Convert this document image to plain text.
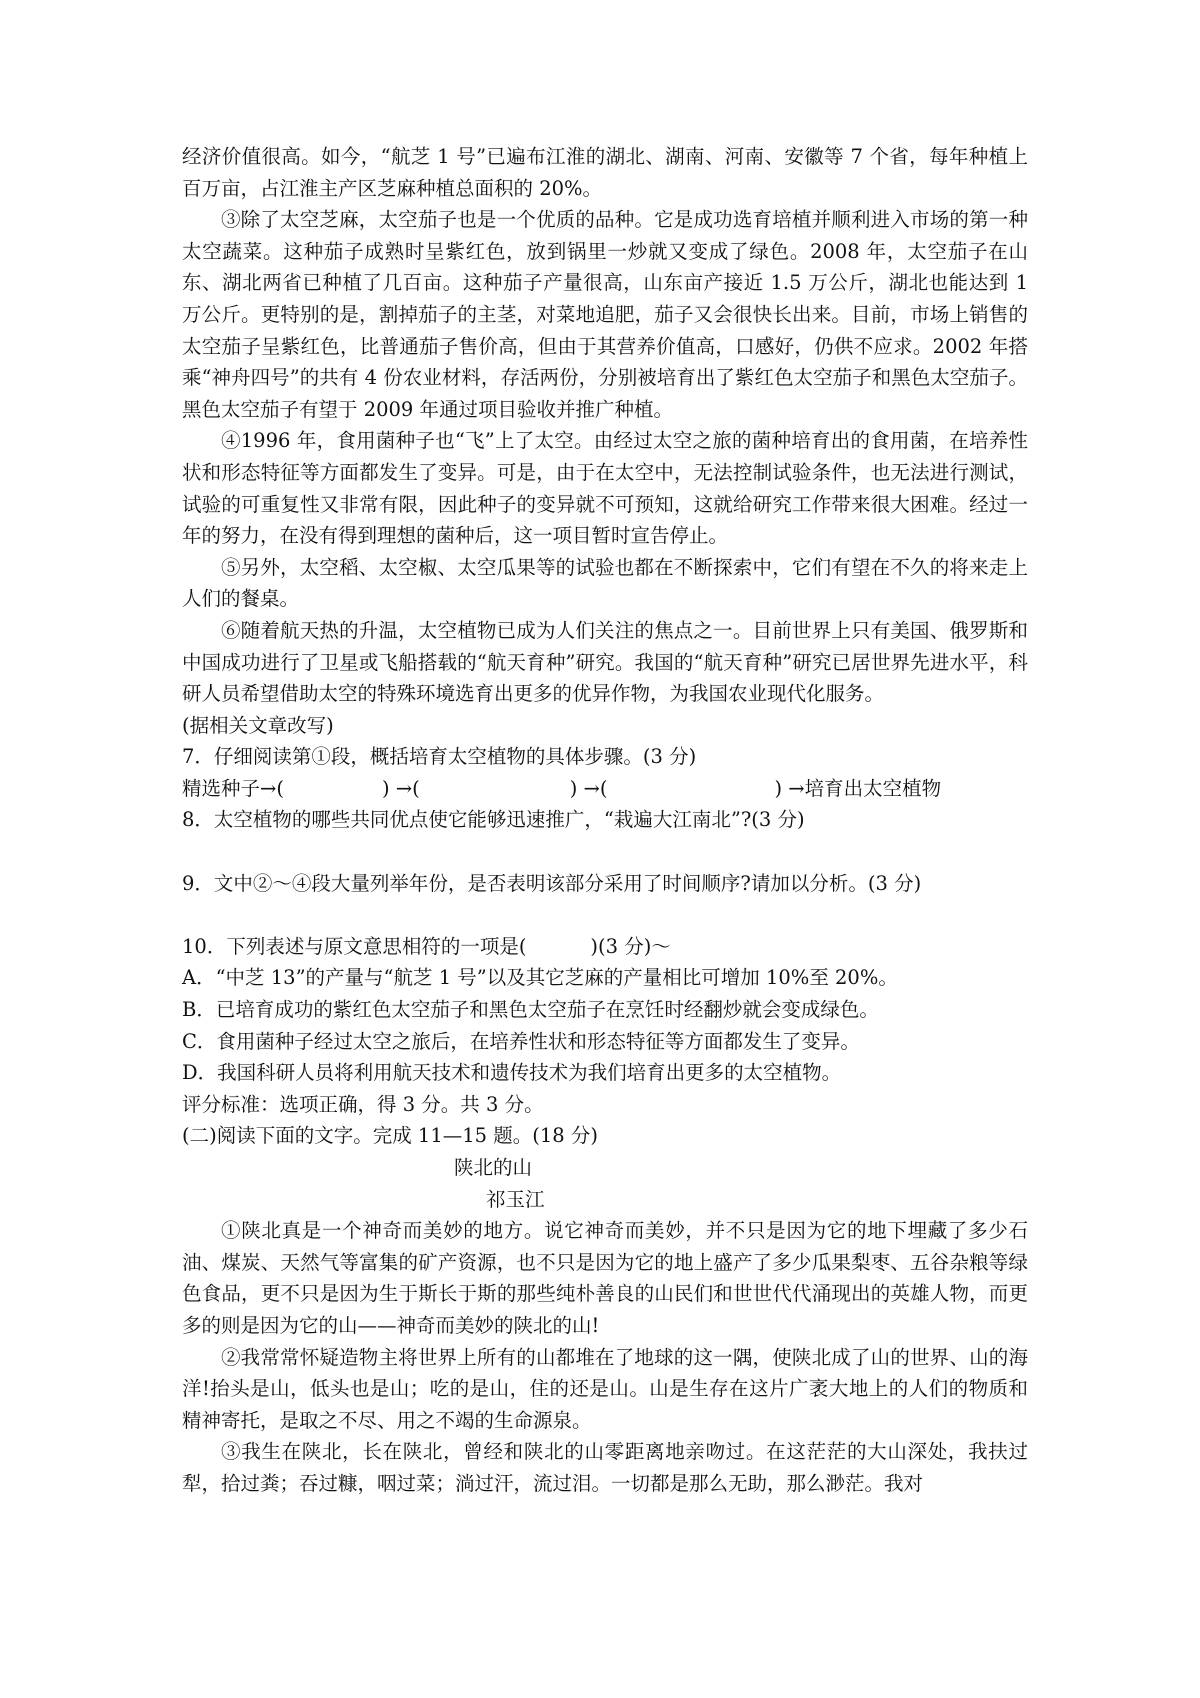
经济价值很高。如今，“航芝 1 号”已遍布江淮的湖北、湖南、河南、安徽等 7 个省，每年种植上百万亩，占江淮主产区芝麻种植总面积的 20%。

③除了太空芝麻，太空茄子也是一个优质的品种。它是成功选育培植并顺利进入市场的第一种太空蔬菜。这种茄子成熟时呈紫红色，放到锅里一炒就又变成了绿色。2008 年，太空茄子在山东、湖北两省已种植了几百亩。这种茄子产量很高，山东亩产接近 1.5 万公斤，湖北也能达到 1 万公斤。更特别的是，割掉茄子的主茎，对菜地追肥，茄子又会很快长出来。目前，市场上销售的太空茄子呈紫红色，比普通茄子售价高，但由于其营养价值高，口感好，仍供不应求。2002 年搭乘“神舟四号”的共有 4 份农业材料，存活两份，分别被培育出了紫红色太空茄子和黑色太空茄子。黑色太空茄子有望于 2009 年通过项目验收并推广种植。

④1996 年，食用菌种子也“飞”上了太空。由经过太空之旅的菌种培育出的食用菌，在培养性状和形态特征等方面都发生了变异。可是，由于在太空中，无法控制试验条件，也无法进行测试，试验的可重复性又非常有限，因此种子的变异就不可预知，这就给研究工作带来很大困难。经过一年的努力，在没有得到理想的菌种后，这一项目暂时宣告停止。

⑤另外，太空稻、太空椒、太空瓜果等的试验也都在不断探索中，它们有望在不久的将来走上人们的餐桌。

⑥随着航天热的升温，太空植物已成为人们关注的焦点之一。目前世界上只有美国、俄罗斯和中国成功进行了卫星或飞船搭载的“航天育种”研究。我国的“航天育种”研究已居世界先进水平，科研人员希望借助太空的特殊环境选育出更多的优异作物，为我国农业现代化服务。

(据相关文章改写)

7．仔细阅读第①段，概括培育太空植物的具体步骤。(3 分)

精选种子→(	) →(	) →(	) →培育出太空植物

8．太空植物的哪些共同优点使它能够迅速推广，“栽遍大江南北”?(3 分)

9．文中②～④段大量列举年份，是否表明该部分采用了时间顺序?请加以分析。(3 分)

10．下列表述与原文意思相符的一项是(	)(3 分)～

A．“中芝 13”的产量与“航芝 1 号”以及其它芝麻的产量相比可增加 10%至 20%。

B．已培育成功的紫红色太空茄子和黑色太空茄子在烹饪时经翻炒就会变成绿色。

C．食用菌种子经过太空之旅后，在培养性状和形态特征等方面都发生了变异。

D．我国科研人员将利用航天技术和遗传技术为我们培育出更多的太空植物。

评分标准：选项正确，得 3 分。共 3 分。

(二)阅读下面的文字。完成 11—15 题。(18 分)

陕北的山

祁玉江

①陕北真是一个神奇而美妙的地方。说它神奇而美妙，并不只是因为它的地下埋藏了多少石油、煤炭、天然气等富集的矿产资源，也不只是因为它的地上盛产了多少瓜果梨枣、五谷杂粮等绿色食品，更不只是因为生于斯长于斯的那些纯朴善良的山民们和世世代代涌现出的英雄人物，而更多的则是因为它的山——神奇而美妙的陕北的山!

②我常常怀疑造物主将世界上所有的山都堆在了地球的这一隅，使陕北成了山的世界、山的海洋!抬头是山，低头也是山；吃的是山，住的还是山。山是生存在这片广袤大地上的人们的物质和精神寄托，是取之不尽、用之不竭的生命源泉。

③我生在陕北，长在陕北，曾经和陕北的山零距离地亲吻过。在这茫茫的大山深处，我扶过犁，拾过粪；吞过糠，咽过菜；淌过汗，流过泪。一切都是那么无助，那么渺茫。我对
